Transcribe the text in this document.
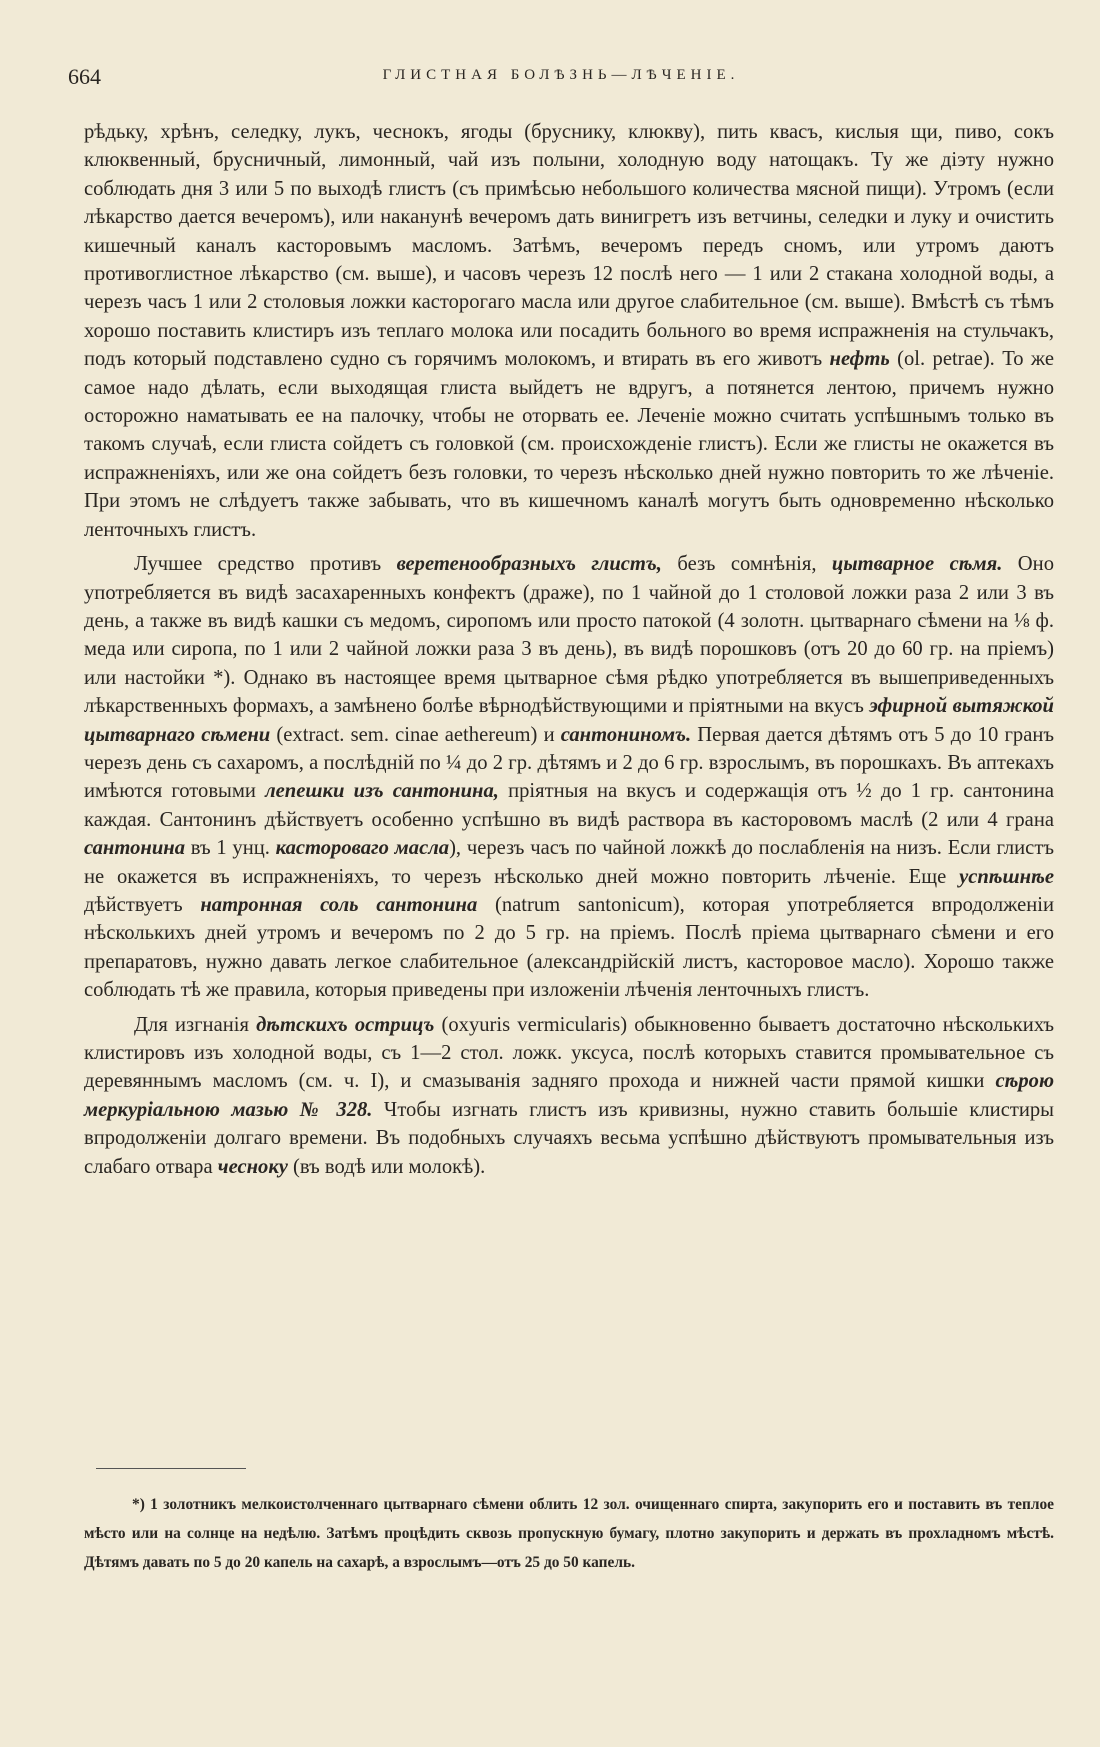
664	ГЛИСТНАЯ БОЛѢЗНЬ—ЛѢЧЕНІЕ.

рѣдьку, хрѣнъ, селедку, лукъ, чеснокъ, ягоды (бруснику, клюкву), пить квасъ, кислыя щи, пиво, сокъ клюквенный, брусничный, лимонный, чай изъ полыни, холодную воду натощакъ. Ту же діэту нужно соблюдать дня 3 или 5 по выходѣ глистъ (съ примѣсью небольшого количества мясной пищи). Утромъ (если лѣкарство дается вечеромъ), или наканунѣ вечеромъ дать винигретъ изъ ветчины, селедки и луку и очистить кишечный каналъ касторовымъ масломъ. Затѣмъ, вечеромъ передъ сномъ, или утромъ даютъ противоглистное лѣкарство (см. выше), и часовъ черезъ 12 послѣ него — 1 или 2 стакана холодной воды, а черезъ часъ 1 или 2 столовыя ложки касторогаго масла или другое слабительное (см. выше). Вмѣстѣ съ тѣмъ хорошо поставить клистиръ изъ теплаго молока или посадить больного во время испражненія на стульчакъ, подъ который подставлено судно съ горячимъ молокомъ, и втирать въ его животъ нефть (ol. petrae). То же самое надо дѣлать, если выходящая глиста выйдетъ не вдругъ, а потянется лентою, причемъ нужно осторожно наматывать ее на палочку, чтобы не оторвать ее. Леченіе можно считать успѣшнымъ только въ такомъ случаѣ, если глиста сойдетъ съ головкой (см. происхожденіе глистъ). Если же глисты не окажется въ испражненіяхъ, или же она сойдетъ безъ головки, то черезъ нѣсколько дней нужно повторить то же лѣченіе. При этомъ не слѣдуетъ также забывать, что въ кишечномъ каналѣ могутъ быть одновременно нѣсколько ленточныхъ глистъ.

Лучшее средство противъ веретенообразныхъ глистъ, безъ сомнѣнія, цытварное сѣмя. Оно употребляется въ видѣ засахаренныхъ конфектъ (драже), по 1 чайной до 1 столовой ложки раза 2 или 3 въ день, а также въ видѣ кашки съ медомъ, сиропомъ или просто патокой (4 золотн. цытварнаго сѣмени на ⅛ ф. меда или сиропа, по 1 или 2 чайной ложки раза 3 въ день), въ видѣ порошковъ (отъ 20 до 60 гр. на пріемъ) или настойки *). Однако въ настоящее время цытварное сѣмя рѣдко употребляется въ вышеприведенныхъ лѣкарственныхъ формахъ, а замѣнено болѣе вѣрнодѣйствующими и пріятными на вкусъ эфирной вытяжкой цытварнаго сѣмени (extract. sem. cinae aethereum) и сантониномъ. Первая дается дѣтямъ отъ 5 до 10 гранъ черезъ день съ сахаромъ, а послѣдній по ¼ до 2 гр. дѣтямъ и 2 до 6 гр. взрослымъ, въ порошкахъ. Въ аптекахъ имѣются готовыми лепешки изъ сантонина, пріятныя на вкусъ и содержащія отъ ½ до 1 гр. сантонина каждая. Сантонинъ дѣйствуетъ особенно успѣшно въ видѣ раствора въ касторовомъ маслѣ (2 или 4 грана сантонина въ 1 унц. касторовагo масла), черезъ часъ по чайной ложкѣ до послабленія на низъ. Если глистъ не окажется въ испражненіяхъ, то черезъ нѣсколько дней можно повторить лѣченіе. Еще успѣшнѣе дѣйствуетъ натронная соль сантонина (natrum santonicum), которая употребляется впродолженіи нѣсколькихъ дней утромъ и вечеромъ по 2 до 5 гр. на пріемъ. Послѣ пріема цытварнаго сѣмени и его препаратовъ, нужно давать легкое слабительное (александрійскій листъ, касторовое масло). Хорошо также соблюдать тѣ же правила, которыя приведены при изложеніи лѣченія ленточныхъ глистъ.

Для изгнанія дѣтскихъ острицъ (oxyuris vermicularis) обыкновенно бываетъ достаточно нѣсколькихъ клистировъ изъ холодной воды, съ 1—2 стол. ложк. уксуса, послѣ которыхъ ставится промывательное съ деревяннымъ масломъ (см. ч. I), и смазыванія задняго прохода и нижней части прямой кишки сѣрою меркуріальною мазью № 328. Чтобы изгнать глистъ изъ кривизны, нужно ставить большіе клистиры впродолженіи долгаго времени. Въ подобныхъ случаяхъ весьма успѣшно дѣйствуютъ промывательныя изъ слабаго отвара чесноку (въ водѣ или молокѣ).

*) 1 золотникъ мелкоистолченнаго цытварнаго сѣмени облить 12 зол. очищеннаго спирта, закупорить его и поставить въ теплое мѣсто или на солнце на недѣлю. Затѣмъ процѣдить сквозь пропускную бумагу, плотно закупорить и держать въ прохладномъ мѣстѣ. Дѣтямъ давать по 5 до 20 капель на сахарѣ, а взрослымъ—отъ 25 до 50 капель.
